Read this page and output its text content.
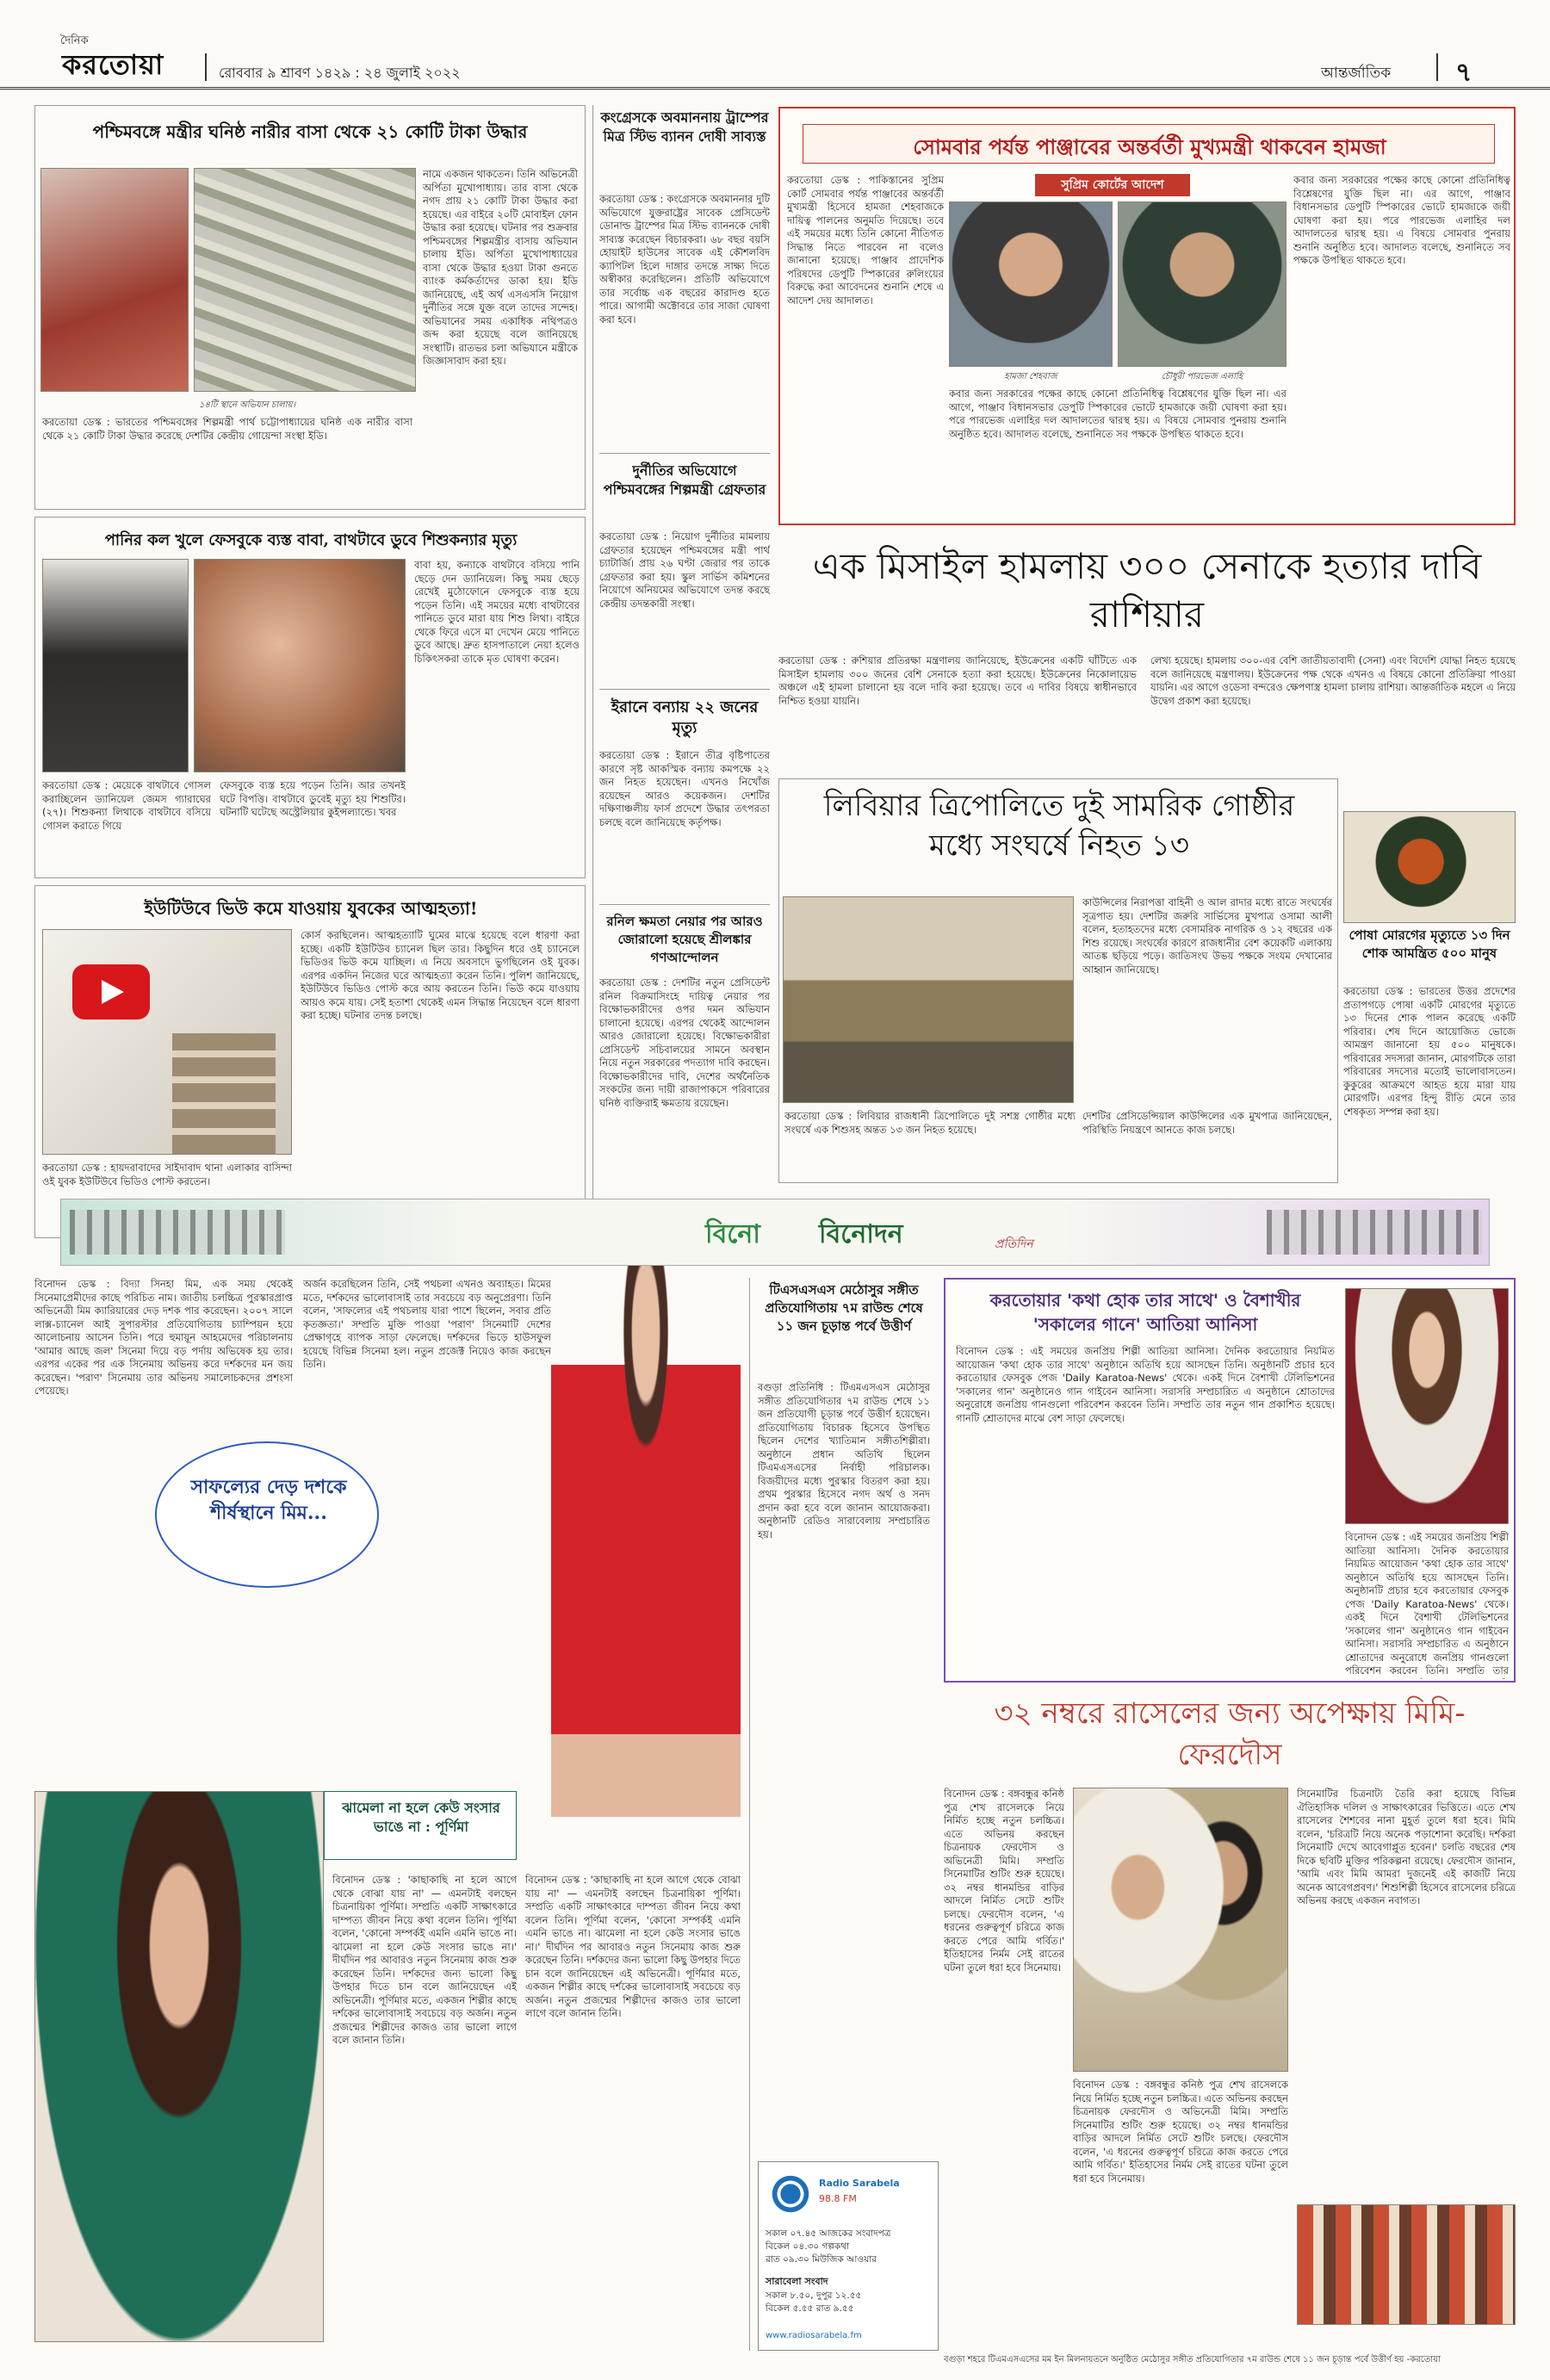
দৈনিক
করতোয়া	রোববার ৯ শ্রাবণ ১৪২৯ : ২৪ জুলাই ২০২২	আন্তর্জাতিক ৭
পশ্চিমবঙ্গে মন্ত্রীর ঘনিষ্ঠ নারীর বাসা থেকে ২১ কোটি টাকা উদ্ধার
১৪টি স্থানে অভিযান চালায়।
করতোয়া ডেস্ক : ভারতের পশ্চিমবঙ্গের শিল্পমন্ত্রী পার্থ চট্টোপাধ্যায়ের ঘনিষ্ঠ এক নারীর বাসা থেকে ২১ কোটি টাকা উদ্ধার করেছে দেশটির কেন্দ্রীয় গোয়েন্দা সংস্থা ইডি।
নামে একজন থাকতেন। তিনি অভিনেত্রী অর্পিতা মুখোপাধ্যায়। তার বাসা থেকে নগদ প্রায় ২১ কোটি টাকা উদ্ধার করা হয়েছে। এর বাইরে ২০টি মোবাইল ফোন উদ্ধার করা হয়েছে। ঘটনার পর শুক্রবার পশ্চিমবঙ্গের শিল্পমন্ত্রীর বাসায় অভিযান চালায় ইডি। অর্পিতা মুখোপাধ্যায়ের বাসা থেকে উদ্ধার হওয়া টাকা গুনতে ব্যাংক কর্মকর্তাদের ডাকা হয়। ইডি জানিয়েছে, এই অর্থ এসএসসি নিয়োগ দুর্নীতির সঙ্গে যুক্ত বলে তাদের সন্দেহ। অভিযানের সময় একাধিক নথিপত্রও জব্দ করা হয়েছে বলে জানিয়েছে সংস্থাটি। রাতভর চলা অভিযানে মন্ত্রীকে জিজ্ঞাসাবাদ করা হয়।
পানির কল খুলে ফেসবুকে ব্যস্ত বাবা, বাথটাবে ডুবে শিশুকন্যার মৃত্যু
করতোয়া ডেস্ক : মেয়েকে বাথটাবে গোসল করাচ্ছিলেন ড্যানিয়েল জেমস গ্যারাঘের (২৭)। শিশুকন্যা লিথাকে বাথটাবে বসিয়ে গোসল করাতে গিয়ে
ফেসবুকে ব্যস্ত হয়ে পড়েন তিনি। আর তখনই ঘটে বিপত্তি। বাথটাবে ডুবেই মৃত্যু হয় শিশুটির। ঘটনাটি ঘটেছে অস্ট্রেলিয়ার কুইন্সল্যান্ডে। খবর
বাবা হয়, কন্যাকে বাথটাবে বসিয়ে পানি ছেড়ে দেন ড্যানিয়েল। কিছু সময় ছেড়ে রেখেই মুঠোফোনে ফেসবুকে ব্যস্ত হয়ে পড়েন তিনি। এই সময়ের মধ্যে বাথটাবের পানিতে ডুবে মারা যায় শিশু লিথা। বাইরে থেকে ফিরে এসে মা দেখেন মেয়ে পানিতে ডুবে আছে। দ্রুত হাসপাতালে নেয়া হলেও চিকিৎসকরা তাকে মৃত ঘোষণা করেন।
ইউটিউবে ভিউ কমে যাওয়ায় যুবকের আত্মহত্যা!
করতোয়া ডেস্ক : হায়দরাবাদের সাইদাবাদ থানা এলাকার বাসিন্দা ওই যুবক ইউটিউবে ভিডিও পোস্ট করতেন।
কোর্স করছিলেন। আত্মহত্যাটি ঘুমের মাঝে হয়েছে বলে ধারণা করা হচ্ছে। একটি ইউটিউব চ্যানেল ছিল তার। কিছুদিন ধরে ওই চ্যানেলে ভিডিওর ভিউ কমে যাচ্ছিল। এ নিয়ে অবসাদে ভুগছিলেন ওই যুবক। এরপর একদিন নিজের ঘরে আত্মহত্যা করেন তিনি। পুলিশ জানিয়েছে, ইউটিউবে ভিডিও পোস্ট করে আয় করতেন তিনি। ভিউ কমে যাওয়ায় আয়ও কমে যায়। সেই হতাশা থেকেই এমন সিদ্ধান্ত নিয়েছেন বলে ধারণা করা হচ্ছে। ঘটনার তদন্ত চলছে।
কংগ্রেসকে অবমাননায় ট্রাম্পের মিত্র স্টিভ ব্যানন দোষী সাব্যস্ত
করতোয়া ডেস্ক : কংগ্রেসকে অবমাননার দুটি অভিযোগে যুক্তরাষ্ট্রের সাবেক প্রেসিডেন্ট ডোনাল্ড ট্রাম্পের মিত্র স্টিভ ব্যাননকে দোষী সাব্যস্ত করেছেন বিচারকরা। ৬৮ বছর বয়সি হোয়াইট হাউসের সাবেক এই কৌশলবিদ ক্যাপিটল হিলে দাঙ্গার তদন্তে সাক্ষ্য দিতে অস্বীকার করেছিলেন। প্রতিটি অভিযোগে তার সর্বোচ্চ এক বছরের কারাদণ্ড হতে পারে। আগামী অক্টোবরে তার সাজা ঘোষণা করা হবে।
দুর্নীতির অভিযোগে পশ্চিমবঙ্গের শিল্পমন্ত্রী গ্রেফতার
করতোয়া ডেস্ক : নিয়োগ দুর্নীতির মামলায় গ্রেফতার হয়েছেন পশ্চিমবঙ্গের মন্ত্রী পার্থ চ্যাটার্জি। প্রায় ২৬ ঘণ্টা জেরার পর তাকে গ্রেফতার করা হয়। স্কুল সার্ভিস কমিশনের নিয়োগে অনিয়মের অভিযোগে তদন্ত করছে কেন্দ্রীয় তদন্তকারী সংস্থা।
ইরানে বন্যায় ২২ জনের মৃত্যু
করতোয়া ডেস্ক : ইরানে তীব্র বৃষ্টিপাতের কারণে সৃষ্ট আকস্মিক বন্যায় কমপক্ষে ২২ জন নিহত হয়েছেন। এখনও নিখোঁজ রয়েছেন আরও কয়েকজন। দেশটির দক্ষিণাঞ্চলীয় ফার্স প্রদেশে উদ্ধার তৎপরতা চলছে বলে জানিয়েছে কর্তৃপক্ষ।
রনিল ক্ষমতা নেয়ার পর আরও জোরালো হয়েছে শ্রীলঙ্কার গণআন্দোলন
করতোয়া ডেস্ক : দেশটির নতুন প্রেসিডেন্ট রনিল বিক্রমাসিংহে দায়িত্ব নেয়ার পর বিক্ষোভকারীদের ওপর দমন অভিযান চালানো হয়েছে। এরপর থেকেই আন্দোলন আরও জোরালো হয়েছে। বিক্ষোভকারীরা প্রেসিডেন্ট সচিবালয়ের সামনে অবস্থান নিয়ে নতুন সরকারের পদত্যাগ দাবি করছেন। বিক্ষোভকারীদের দাবি, দেশের অর্থনৈতিক সংকটের জন্য দায়ী রাজাপাকসে পরিবারের ঘনিষ্ঠ ব্যক্তিরাই ক্ষমতায় রয়েছেন।
সোমবার পর্যন্ত পাঞ্জাবের অন্তর্বর্তী মুখ্যমন্ত্রী থাকবেন হামজা
করতোয়া ডেস্ক : পাকিস্তানের সুপ্রিম কোর্ট সোমবার পর্যন্ত পাঞ্জাবের অন্তর্বর্তী মুখ্যমন্ত্রী হিসেবে হামজা শেহবাজকে দায়িত্ব পালনের অনুমতি দিয়েছে। তবে এই সময়ের মধ্যে তিনি কোনো নীতিগত সিদ্ধান্ত নিতে পারবেন না বলেও জানানো হয়েছে। পাঞ্জাব প্রাদেশিক পরিষদের ডেপুটি স্পিকারের রুলিংয়ের বিরুদ্ধে করা আবেদনের শুনানি শেষে এ আদেশ দেয় আদালত।
সুপ্রিম কোর্টের আদেশ
হামজা শেহবাজ	চৌধুরী পারভেজ এলাহি
কবার জন্য সরকারের পক্ষের কাছে কোনো প্রতিনিধিত্ব বিশ্লেষণের যুক্তি ছিল না। এর আগে, পাঞ্জাব বিধানসভার ডেপুটি স্পিকারের ভোটে হামজাকে জয়ী ঘোষণা করা হয়। পরে পারভেজ এলাহির দল আদালতের দ্বারস্থ হয়। এ বিষয়ে সোমবার পুনরায় শুনানি অনুষ্ঠিত হবে। আদালত বলেছে, শুনানিতে সব পক্ষকে উপস্থিত থাকতে হবে।
কবার জন্য সরকারের পক্ষের কাছে কোনো প্রতিনিধিত্ব বিশ্লেষণের যুক্তি ছিল না। এর আগে, পাঞ্জাব বিধানসভার ডেপুটি স্পিকারের ভোটে হামজাকে জয়ী ঘোষণা করা হয়। পরে পারভেজ এলাহির দল আদালতের দ্বারস্থ হয়। এ বিষয়ে সোমবার পুনরায় শুনানি অনুষ্ঠিত হবে। আদালত বলেছে, শুনানিতে সব পক্ষকে উপস্থিত থাকতে হবে।
এক মিসাইল হামলায় ৩০০ সেনাকে হত্যার দাবি রাশিয়ার
করতোয়া ডেস্ক : রুশিয়ার প্রতিরক্ষা মন্ত্রণালয় জানিয়েছে, ইউক্রেনের একটি ঘাঁটিতে এক মিসাইল হামলায় ৩০০ জনের বেশি সেনাকে হত্যা করা হয়েছে। ইউক্রেনের নিকোলায়েভ অঞ্চলে এই হামলা চালানো হয় বলে দাবি করা হয়েছে। তবে এ দাবির বিষয়ে স্বাধীনভাবে নিশ্চিত হওয়া যায়নি।
লেখ্য হয়েছে। হামলায় ৩০০-এর বেশি জাতীয়তাবাদী (সেনা) এবং বিদেশি যোদ্ধা নিহত হয়েছে বলে জানিয়েছে মন্ত্রণালয়। ইউক্রেনের পক্ষ থেকে এখনও এ বিষয়ে কোনো প্রতিক্রিয়া পাওয়া যায়নি। এর আগে ওডেসা বন্দরেও ক্ষেপণাস্ত্র হামলা চালায় রাশিয়া। আন্তর্জাতিক মহলে এ নিয়ে উদ্বেগ প্রকাশ করা হয়েছে।
লিবিয়ার ত্রিপোলিতে দুই সামরিক গোষ্ঠীর মধ্যে সংঘর্ষে নিহত ১৩
করতোয়া ডেস্ক : লিবিয়ার রাজধানী ত্রিপোলিতে দুই সশস্ত্র গোষ্ঠীর মধ্যে সংঘর্ষে এক শিশুসহ অন্তত ১৩ জন নিহত হয়েছে।
কাউন্সিলের নিরাপত্তা বাহিনী ও আল রাদার মধ্যে রাতে সংঘর্ষের সূত্রপাত হয়। দেশটির জরুরি সার্ভিসের মুখপাত্র ওসামা আলী বলেন, হতাহতদের মধ্যে বেসামরিক নাগরিক ও ১২ বছরের এক শিশু রয়েছে। সংঘর্ষের কারণে রাজধানীর বেশ কয়েকটি এলাকায় আতঙ্ক ছড়িয়ে পড়ে। জাতিসংঘ উভয় পক্ষকে সংযম দেখানোর আহ্বান জানিয়েছে।
দেশটির প্রেসিডেন্সিয়াল কাউন্সিলের এক মুখপাত্র জানিয়েছেন, পরিস্থিতি নিয়ন্ত্রণে আনতে কাজ চলছে।
পোষা মোরগের মৃত্যুতে ১৩ দিন শোক আমন্ত্রিত ৫০০ মানুষ
করতোয়া ডেস্ক : ভারতের উত্তর প্রদেশের প্রতাপগড়ে পোষা একটি মোরগের মৃত্যুতে ১৩ দিনের শোক পালন করেছে একটি পরিবার। শেষ দিনে আয়োজিত ভোজে আমন্ত্রণ জানানো হয় ৫০০ মানুষকে। পরিবারের সদস্যরা জানান, মোরগটিকে তারা পরিবারের সদস্যের মতোই ভালোবাসতেন। কুকুরের আক্রমণে আহত হয়ে মারা যায় মোরগটি। এরপর হিন্দু রীতি মেনে তার শেষকৃত্য সম্পন্ন করা হয়।
বিনো বিনোদন	প্রতিদিন
বিনোদন ডেস্ক : বিদ্যা সিনহা মিম, এক সময় থেকেই সিনেমাপ্রেমীদের কাছে পরিচিত নাম। জাতীয় চলচ্চিত্র পুরস্কারপ্রাপ্ত অভিনেত্রী মিম ক্যারিয়ারের দেড় দশক পার করেছেন। ২০০৭ সালে লাক্স-চ্যানেল আই সুপারস্টার প্রতিযোগিতায় চ্যাম্পিয়ন হয়ে আলোচনায় আসেন তিনি। পরে হুমায়ূন আহমেদের পরিচালনায় 'আমার আছে জল' সিনেমা দিয়ে বড় পর্দায় অভিষেক হয় তার। এরপর একের পর এক সিনেমায় অভিনয় করে দর্শকদের মন জয় করেছেন। 'পরাণ' সিনেমায় তার অভিনয় সমালোচকদের প্রশংসা পেয়েছে।
অর্জন করেছিলেন তিনি, সেই পথচলা এখনও অব্যাহত। মিমের মতে, দর্শকদের ভালোবাসাই তার সবচেয়ে বড় অনুপ্রেরণা। তিনি বলেন, 'সাফল্যের এই পথচলায় যারা পাশে ছিলেন, সবার প্রতি কৃতজ্ঞতা।' সম্প্রতি মুক্তি পাওয়া 'পরাণ' সিনেমাটি দেশের প্রেক্ষাগৃহে ব্যাপক সাড়া ফেলেছে। দর্শকদের ভিড়ে হাউসফুল হয়েছে বিভিন্ন সিনেমা হল। নতুন প্রজেক্ট নিয়েও কাজ করছেন তিনি।
সাফল্যের দেড় দশকে শীর্ষস্থানে মিম...
ঝামেলা না হলে কেউ সংসার ভাঙে না : পূর্ণিমা
বিনোদন ডেস্ক : 'কাছাকাছি না হলে আগে থেকে বোঝা যায় না' — এমনটাই বলছেন চিত্রনায়িকা পূর্ণিমা। সম্প্রতি একটি সাক্ষাৎকারে দাম্পত্য জীবন নিয়ে কথা বলেন তিনি। পূর্ণিমা বলেন, 'কোনো সম্পর্কই এমনি এমনি ভাঙে না। ঝামেলা না হলে কেউ সংসার ভাঙে না।' দীর্ঘদিন পর আবারও নতুন সিনেমায় কাজ শুরু করেছেন তিনি। দর্শকদের জন্য ভালো কিছু উপহার দিতে চান বলে জানিয়েছেন এই অভিনেত্রী। পূর্ণিমার মতে, একজন শিল্পীর কাছে দর্শকের ভালোবাসাই সবচেয়ে বড় অর্জন। নতুন প্রজন্মের শিল্পীদের কাজও তার ভালো লাগে বলে জানান তিনি।
বিনোদন ডেস্ক : 'কাছাকাছি না হলে আগে থেকে বোঝা যায় না' — এমনটাই বলছেন চিত্রনায়িকা পূর্ণিমা। সম্প্রতি একটি সাক্ষাৎকারে দাম্পত্য জীবন নিয়ে কথা বলেন তিনি। পূর্ণিমা বলেন, 'কোনো সম্পর্কই এমনি এমনি ভাঙে না। ঝামেলা না হলে কেউ সংসার ভাঙে না।' দীর্ঘদিন পর আবারও নতুন সিনেমায় কাজ শুরু করেছেন তিনি। দর্শকদের জন্য ভালো কিছু উপহার দিতে চান বলে জানিয়েছেন এই অভিনেত্রী। পূর্ণিমার মতে, একজন শিল্পীর কাছে দর্শকের ভালোবাসাই সবচেয়ে বড় অর্জন। নতুন প্রজন্মের শিল্পীদের কাজও তার ভালো লাগে বলে জানান তিনি।
টিএসএসএস মেঠোসুর সঙ্গীত প্রতিযোগিতায় ৭ম রাউন্ড শেষে ১১ জন চূড়ান্ত পর্বে উত্তীর্ণ
বগুড়া প্রতিনিধি : টিএমএসএস মেঠোসুর সঙ্গীত প্রতিযোগিতার ৭ম রাউন্ড শেষে ১১ জন প্রতিযোগী চূড়ান্ত পর্বে উত্তীর্ণ হয়েছেন। প্রতিযোগিতায় বিচারক হিসেবে উপস্থিত ছিলেন দেশের খ্যাতিমান সঙ্গীতশিল্পীরা। অনুষ্ঠানে প্রধান অতিথি ছিলেন টিএমএসএসের নির্বাহী পরিচালক। বিজয়ীদের মধ্যে পুরস্কার বিতরণ করা হয়। প্রথম পুরস্কার হিসেবে নগদ অর্থ ও সনদ প্রদান করা হবে বলে জানান আয়োজকরা। অনুষ্ঠানটি রেডিও সারাবেলায় সম্প্রচারিত হয়।
Radio Sarabela
98.8 FM
সকাল ০৭.৪৫ আজকের সংবাদপত্র
বিকেল ০৪.৩০ গল্পকথা
রাত ০৯.৩০ মিউজিক আওয়ার
সারাবেলা সংবাদ
সকাল ৮.৫০, দুপুর ১২.৫৫
বিকেল ৫.৫৫ রাত ৯.৫৫
www.radiosarabela.fm
করতোয়ার 'কথা হোক তার সাথে' ও বৈশাখীর 'সকালের গানে' আতিয়া আনিসা
বিনোদন ডেস্ক : এই সময়ের জনপ্রিয় শিল্পী আতিয়া আনিসা। দৈনিক করতোয়ার নিয়মিত আয়োজন 'কথা হোক তার সাথে' অনুষ্ঠানে অতিথি হয়ে আসছেন তিনি। অনুষ্ঠানটি প্রচার হবে করতোয়ার ফেসবুক পেজ 'Daily Karatoa-News' থেকে। একই দিনে বৈশাখী টেলিভিশনের 'সকালের গান' অনুষ্ঠানেও গান গাইবেন আনিসা। সরাসরি সম্প্রচারিত এ অনুষ্ঠানে শ্রোতাদের অনুরোধে জনপ্রিয় গানগুলো পরিবেশন করবেন তিনি। সম্প্রতি তার নতুন গান প্রকাশিত হয়েছে। গানটি শ্রোতাদের মাঝে বেশ সাড়া ফেলেছে।
বিনোদন ডেস্ক : এই সময়ের জনপ্রিয় শিল্পী আতিয়া আনিসা। দৈনিক করতোয়ার নিয়মিত আয়োজন 'কথা হোক তার সাথে' অনুষ্ঠানে অতিথি হয়ে আসছেন তিনি। অনুষ্ঠানটি প্রচার হবে করতোয়ার ফেসবুক পেজ 'Daily Karatoa-News' থেকে। একই দিনে বৈশাখী টেলিভিশনের 'সকালের গান' অনুষ্ঠানেও গান গাইবেন আনিসা। সরাসরি সম্প্রচারিত এ অনুষ্ঠানে শ্রোতাদের অনুরোধে জনপ্রিয় গানগুলো পরিবেশন করবেন তিনি। সম্প্রতি তার
৩২ নম্বরে রাসেলের জন্য অপেক্ষায় মিমি-ফেরদৌস
বিনোদন ডেস্ক : বঙ্গবন্ধুর কনিষ্ঠ পুত্র শেখ রাসেলকে নিয়ে নির্মিত হচ্ছে নতুন চলচ্চিত্র। এতে অভিনয় করছেন চিত্রনায়ক ফেরদৌস ও অভিনেত্রী মিমি। সম্প্রতি সিনেমাটির শুটিং শুরু হয়েছে। ৩২ নম্বর ধানমন্ডির বাড়ির আদলে নির্মিত সেটে শুটিং চলছে। ফেরদৌস বলেন, 'এ ধরনের গুরুত্বপূর্ণ চরিত্রে কাজ করতে পেরে আমি গর্বিত।' ইতিহাসের নির্মম সেই রাতের ঘটনা তুলে ধরা হবে সিনেমায়।
বিনোদন ডেস্ক : বঙ্গবন্ধুর কনিষ্ঠ পুত্র শেখ রাসেলকে নিয়ে নির্মিত হচ্ছে নতুন চলচ্চিত্র। এতে অভিনয় করছেন চিত্রনায়ক ফেরদৌস ও অভিনেত্রী মিমি। সম্প্রতি সিনেমাটির শুটিং শুরু হয়েছে। ৩২ নম্বর ধানমন্ডির বাড়ির আদলে নির্মিত সেটে শুটিং চলছে। ফেরদৌস বলেন, 'এ ধরনের গুরুত্বপূর্ণ চরিত্রে কাজ করতে পেরে আমি গর্বিত।' ইতিহাসের নির্মম সেই রাতের ঘটনা তুলে ধরা হবে সিনেমায়।
সিনেমাটির চিত্রনাট্য তৈরি করা হয়েছে বিভিন্ন ঐতিহাসিক দলিল ও সাক্ষাৎকারের ভিত্তিতে। এতে শেখ রাসেলের শৈশবের নানা মুহূর্ত তুলে ধরা হবে। মিমি বলেন, 'চরিত্রটি নিয়ে অনেক পড়াশোনা করেছি। দর্শকরা সিনেমাটি দেখে আবেগাপ্লুত হবেন।' চলতি বছরের শেষ দিকে ছবিটি মুক্তির পরিকল্পনা রয়েছে। ফেরদৌস জানান, 'আমি এবং মিমি আমরা দুজনেই এই কাজটি নিয়ে অনেক আবেগপ্রবণ।' শিশুশিল্পী হিসেবে রাসেলের চরিত্রে অভিনয় করছে একজন নবাগত।
বগুড়া শহরে টিএমএসএসের মম ইন মিলনায়তনে অনুষ্ঠিত মেঠোসুর সঙ্গীত প্রতিযোগিতার ৭ম রাউন্ড শেষে ১১ জন চূড়ান্ত পর্বে উত্তীর্ণ হয় -করতোয়া
